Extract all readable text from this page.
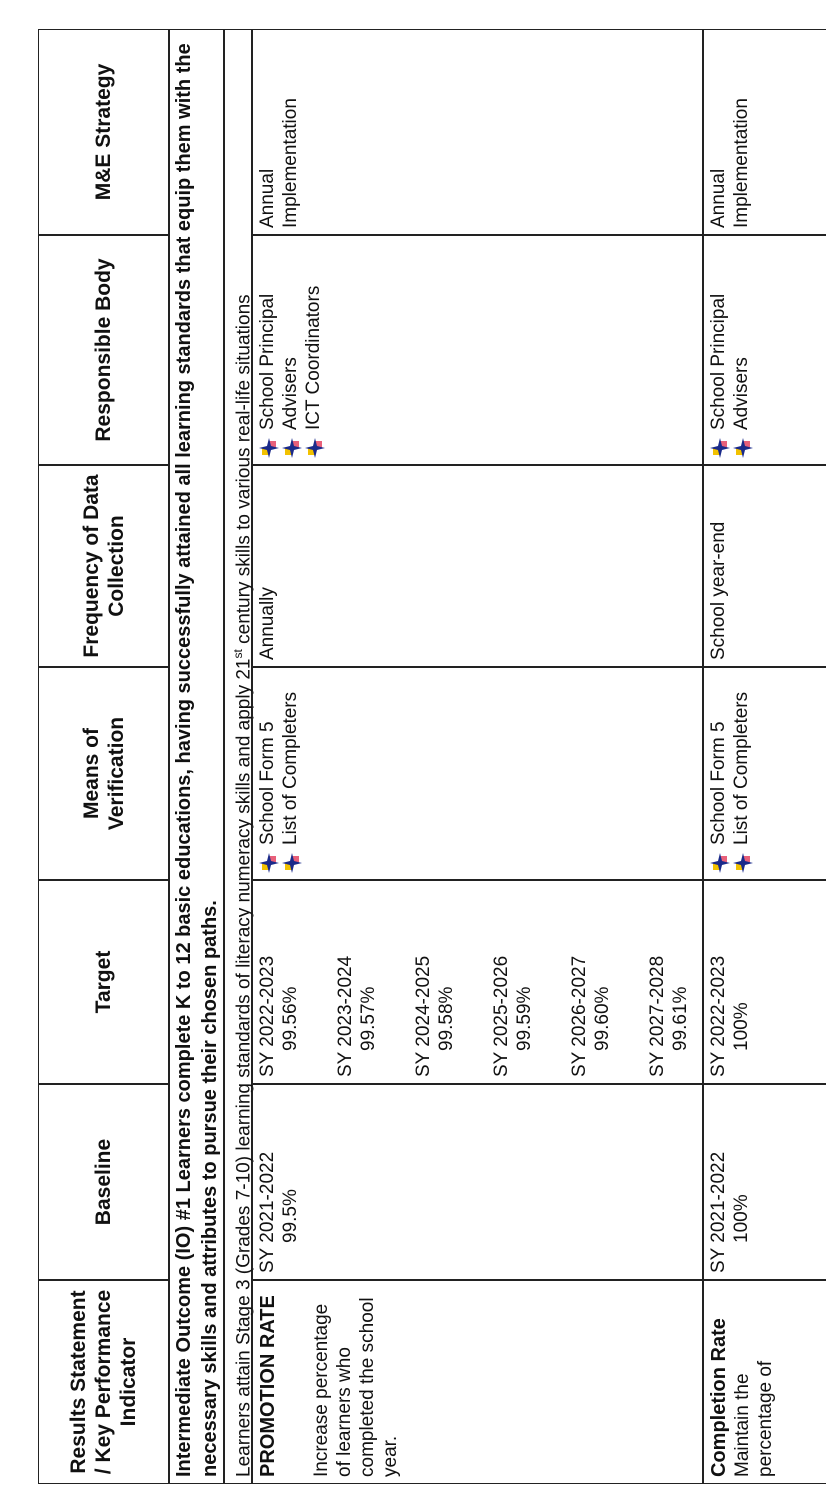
Results Statement / Key Performance Indicator
Baseline
Target
Means of Verification
Frequency of Data Collection
Responsible Body	Intermediate Outcome (IO) #1 Learners complete K to 12 basic educations, having successfully attained all learning standards that equip them with the necessary skills and attributes to pursue their chosen paths. Learners attain Stage 3 (Grades 7-10) learning standards of literacy numeracy skills and apply 21st century skills to various real-life situations
PROMOTION RATE Increase percentage of learners who completed the school year.
SY 2021-2022 99.5%
SY 2022-2023 99.56% SY 2023-2024 99.57% SY 2024-2025 99.58% SY 2025-2026 99.59% SY 2026-2027 99.60% SY 2027-2028 99.61%
School Form 5 List of Completers
Completion Rate Maintain the percentage of
SY 2021-2022 100%
SY 2022-2023 100%
School Form 5 List of Completers
M&E Strategy
Annually
School Principal Advisers ICT Coordinators
Annual Implementation
School year-end
School Principal Advisers
Annual Implementation
